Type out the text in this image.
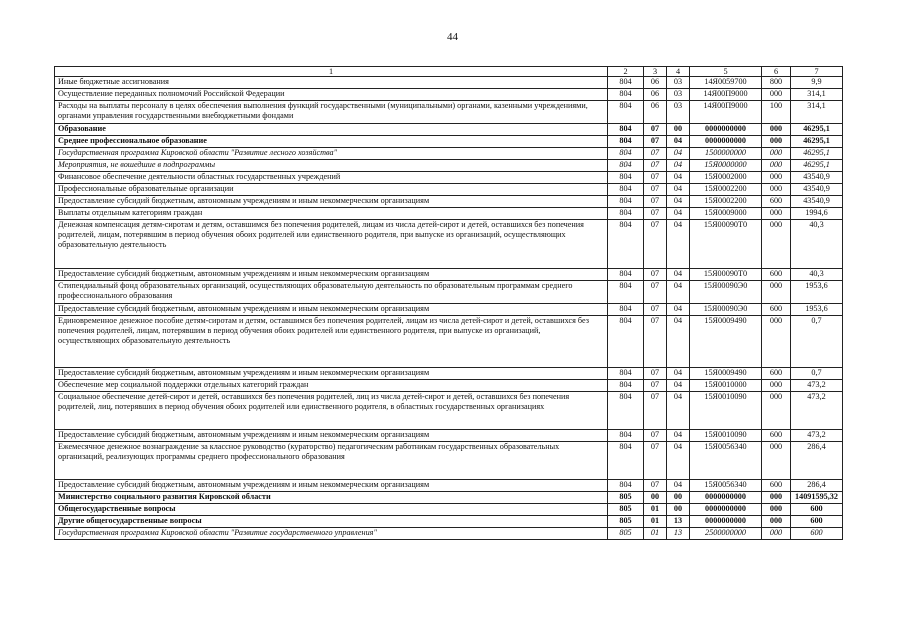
44
1	2	3	4	5	6	7
Иные бюджетные ассигнования	804	06	03	14Я0059700	800	9,9
Осуществление переданных полномочий Российской Федерации	804	06	03	14Я00П9000	000	314,1
Расходы на выплаты персоналу в целях обеспечения выполнения функций государственными (муниципальными) органами, казенными учреждениями, органами управления государственными внебюджетными фондами	804	06	03	14Я00П9000	100	314,1
Образование	804	07	00	0000000000	000	46295,1
Среднее профессиональное образование	804	07	04	0000000000	000	46295,1
Государственная программа Кировской области "Развитие лесного хозяйства"	804	07	04	1500000000	000	46295,1
Мероприятия, не вошедшие в подпрограммы	804	07	04	15Я0000000	000	46295,1
Финансовое обеспечение деятельности областных государственных учреждений	804	07	04	15Я0002000	000	43540,9
Профессиональные образовательные организации	804	07	04	15Я0002200	000	43540,9
Предоставление субсидий бюджетным, автономным учреждениям и иным некоммерческим организациям	804	07	04	15Я0002200	600	43540,9
Выплаты отдельным категориям граждан	804	07	04	15Я0009000	000	1994,6
Денежная компенсация детям-сиротам и детям, оставшимся без попечения родителей, лицам из числа детей-сирот и детей, оставшихся без попечения родителей, лицам, потерявшим в период обучения обоих родителей или единственного родителя, при выпуске из организаций, осуществляющих образовательную деятельность	804	07	04	15Я00090Т0	000	40,3
Предоставление субсидий бюджетным, автономным учреждениям и иным некоммерческим организациям	804	07	04	15Я00090Т0	600	40,3
Стипендиальный фонд образовательных организаций, осуществляющих образовательную деятельность по образовательным программам среднего профессионального образования	804	07	04	15Я00090Э0	000	1953,6
Предоставление субсидий бюджетным, автономным учреждениям и иным некоммерческим организациям	804	07	04	15Я00090Э0	600	1953,6
Единовременное денежное пособие детям-сиротам и детям, оставшимся без попечения родителей, лицам из числа детей-сирот и детей, оставшихся без попечения родителей, лицам, потерявшим в период обучения обоих родителей или единственного родителя, при выпуске из организаций, осуществляющих образовательную деятельность	804	07	04	15Я0009490	000	0,7
Предоставление субсидий бюджетным, автономным учреждениям и иным некоммерческим организациям	804	07	04	15Я0009490	600	0,7
Обеспечение мер социальной поддержки отдельных категорий граждан	804	07	04	15Я0010000	000	473,2
Социальное обеспечение детей-сирот и детей, оставшихся без попечения родителей, лиц из числа детей-сирот и детей, оставшихся без попечения родителей, лиц, потерявших в период обучения обоих родителей или единственного родителя, в областных государственных организациях	804	07	04	15Я0010090	000	473,2
Предоставление субсидий бюджетным, автономным учреждениям и иным некоммерческим организациям	804	07	04	15Я0010090	600	473,2
Ежемесячное денежное вознаграждение за классное руководство (кураторство) педагогическим работникам государственных образовательных организаций, реализующих программы среднего профессионального образования	804	07	04	15Я0056340	000	286,4
Предоставление субсидий бюджетным, автономным учреждениям и иным некоммерческим организациям	804	07	04	15Я0056340	600	286,4
Министерство социального развития Кировской области	805	00	00	0000000000	000	14091595,32
Общегосударственные вопросы	805	01	00	0000000000	000	600
Другие общегосударственные вопросы	805	01	13	0000000000	000	600
Государственная программа Кировской области "Развитие государственного управления"	805	01	13	2500000000	000	600
